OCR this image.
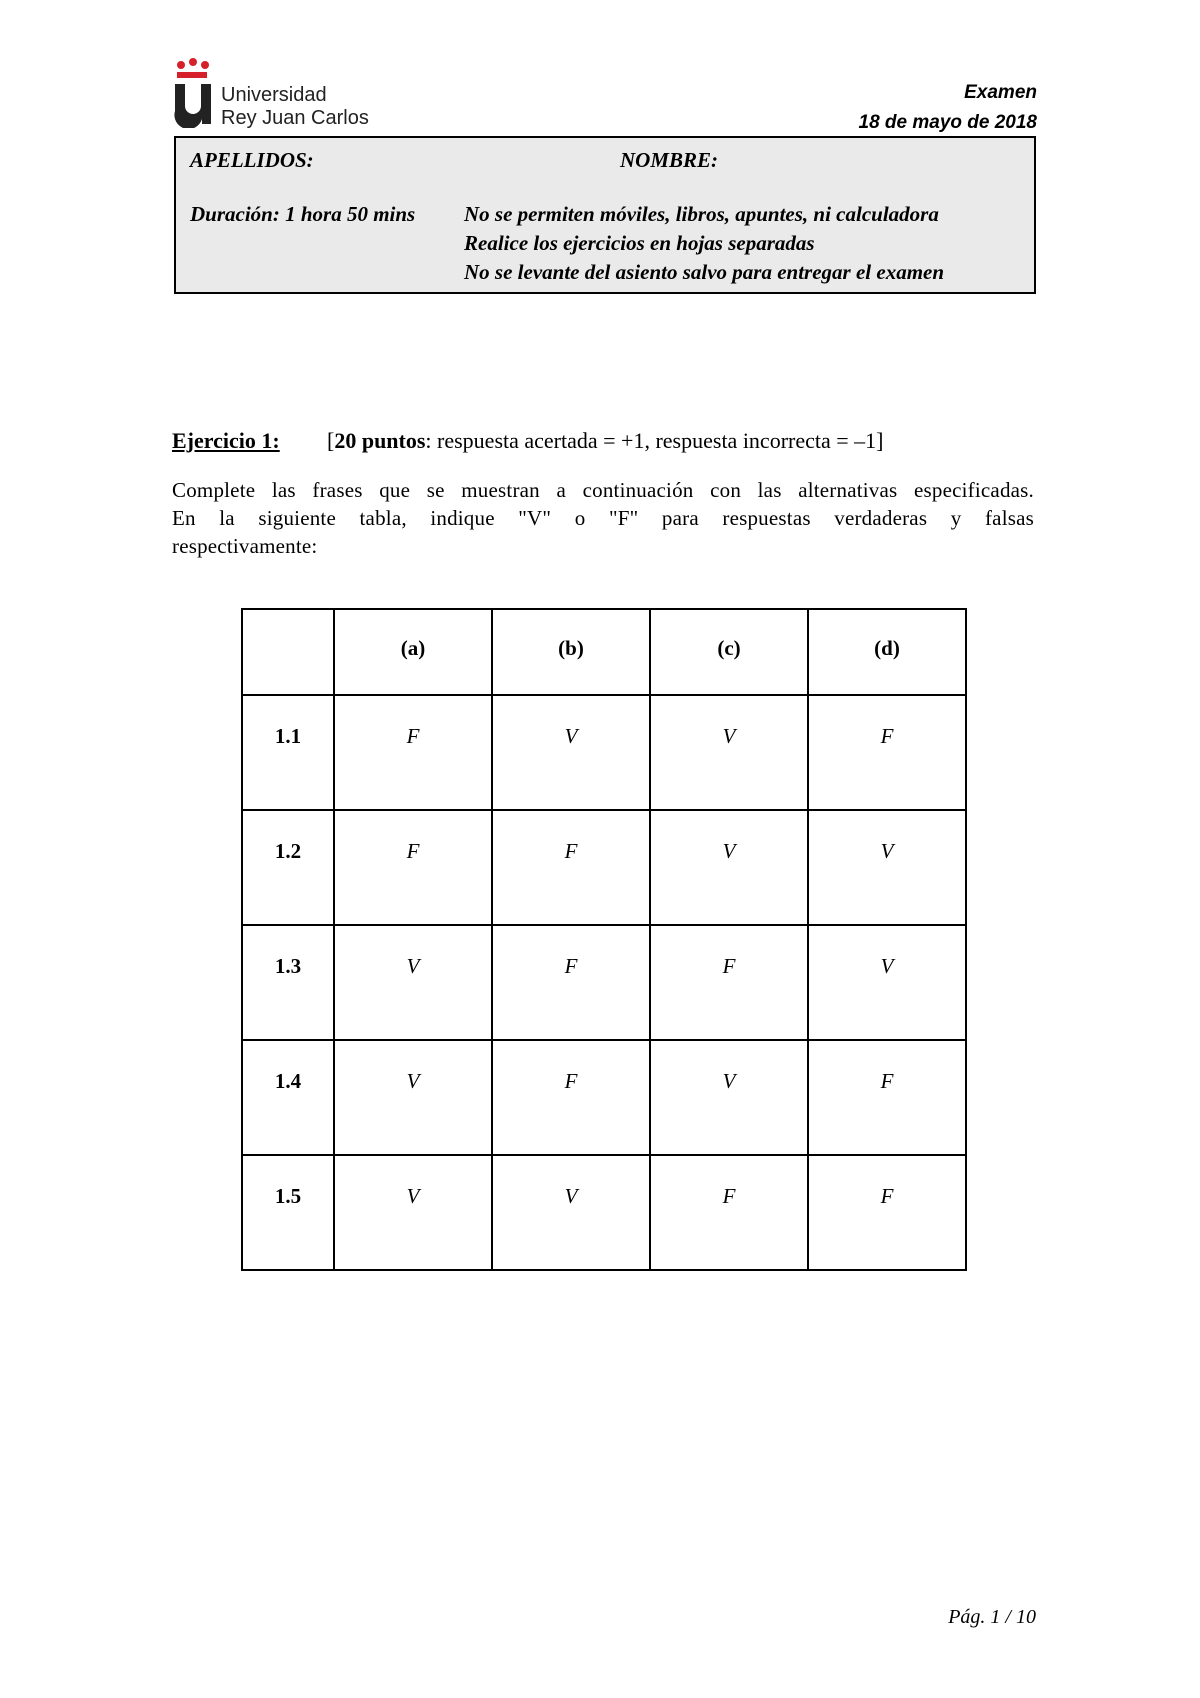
Universidad
Rey Juan Carlos
Examen
18 de mayo de 2018
APELLIDOS:	NOMBRE:
Duración: 1 hora 50 mins No se permiten móviles, libros, apuntes, ni calculadora
Realice los ejercicios en hojas separadas
No se levante del asiento salvo para entregar el examen
Ejercicio 1: [20 puntos: respuesta acertada = +1, respuesta incorrecta = –1]

Complete las frases que se muestran a continuación con las alternativas especificadas.

En la siguiente tabla, indique "V" o "F" para respuestas verdaderas y falsas

respectivamente:

	(a)	(b)	(c)	(d)

1.1	F	V	V	F

1.2	F	F	V	V

1.3	V	F	F	V

1.4	V	F	V	F

1.5	V	V	F	F
Pág. 1 / 10
